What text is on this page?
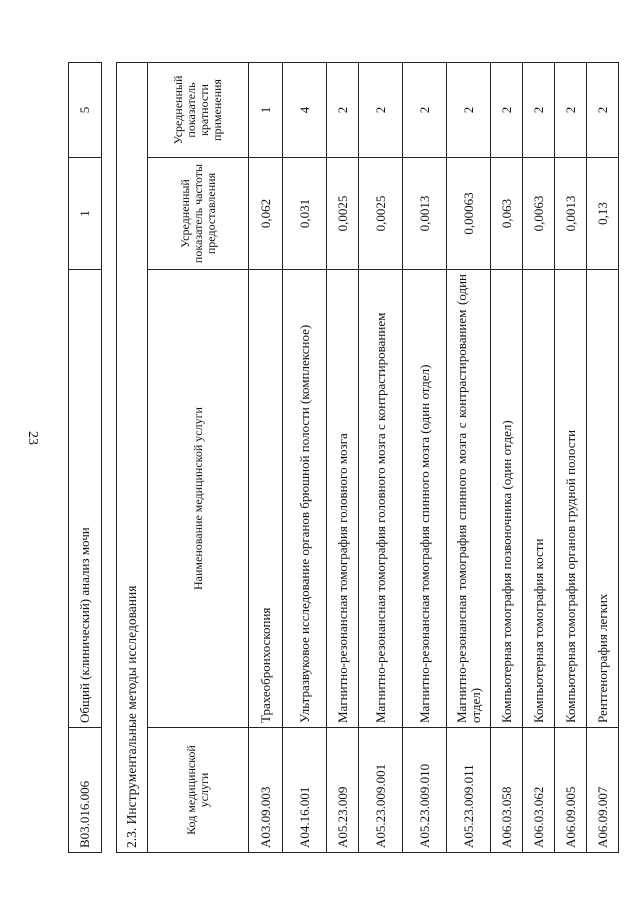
23
B03.016.006	Общий (клинический) анализ мочи	1	5
2.3. Инструментальные методы исследования			
Код медицинской услуги	Наименование медицинской услуги	Усредненный показатель частоты предоставления	Усредненный показатель кратности применения
A03.09.003	Трахеобронхоскопия	0,062	1
A04.16.001	Ультразвуковое исследование органов брюшной полости (комплексное)	0,031	4
A05.23.009	Магнитно-резонансная томография головного мозга	0,0025	2
A05.23.009.001	Магнитно-резонансная томография головного мозга с контрастированием	0,0025	2
A05.23.009.010	Магнитно-резонансная томография спинного мозга (один отдел)	0,0013	2
A05.23.009.011	Магнитно-резонансная томография спинного мозга с контрастированием (один отдел)	0,00063	2
A06.03.058	Компьютерная томография позвоночника (один отдел)	0,063	2
A06.03.062	Компьютерная томография кости	0,0063	2
A06.09.005	Компьютерная томография органов грудной полости	0,0013	2
A06.09.007	Рентгенография легких	0,13	2
